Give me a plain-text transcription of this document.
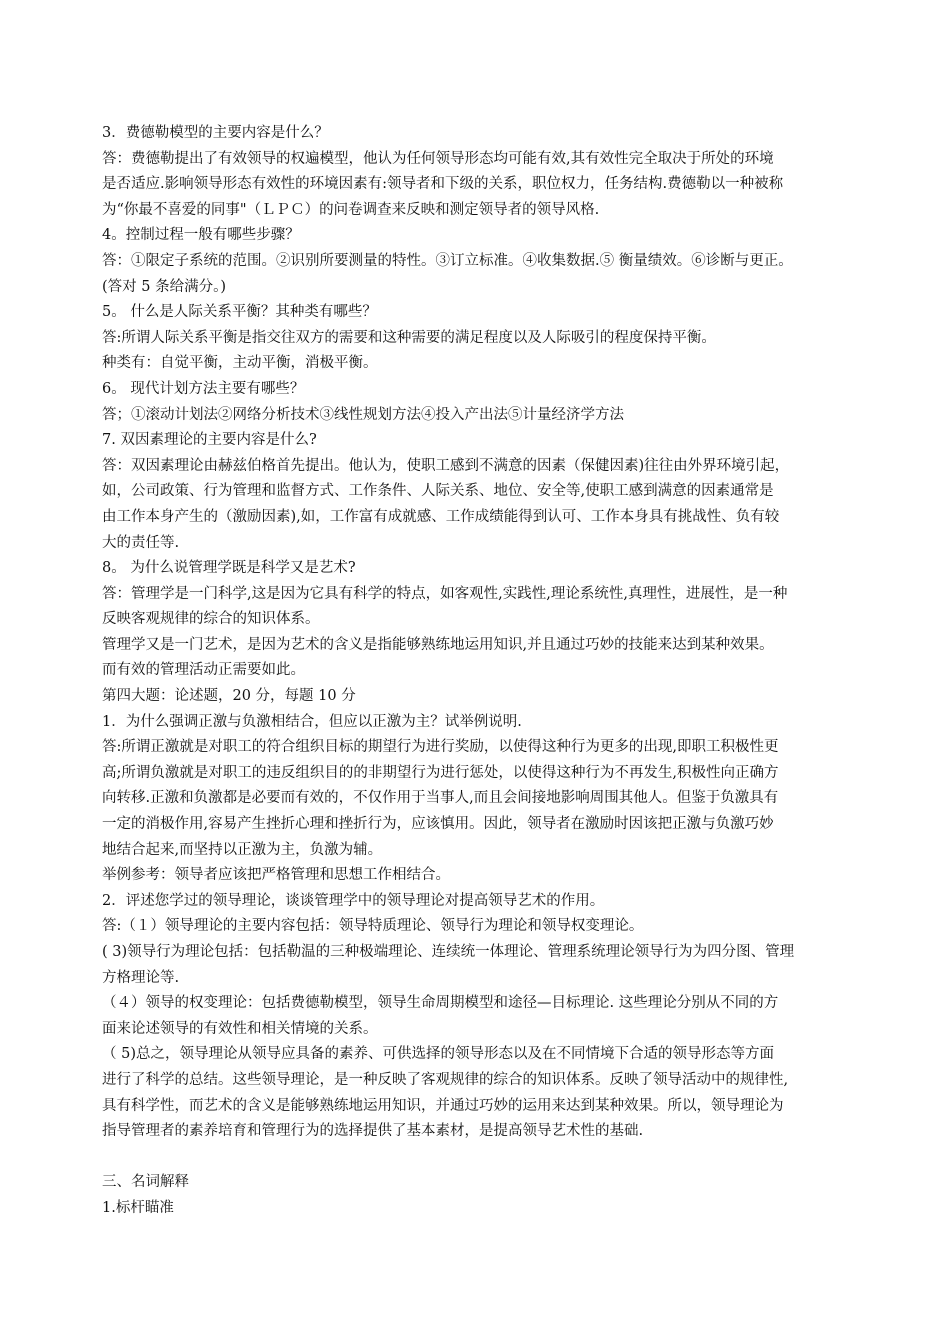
3．费德勒模型的主要内容是什么？
答：费德勒提出了有效领导的权遍模型，他认为任何领导形态均可能有效,其有效性完全取决于所处的环境
是否适应.影响领导形态有效性的环境因素有:领导者和下级的关系，职位权力，任务结构.费德勒以一种被称
为“你最不喜爱的同事"（ＬＰＣ）的问卷调查来反映和测定领导者的领导风格.
4。控制过程一般有哪些步骤？
答：①限定子系统的范围。②识别所要测量的特性。③订立标准。④收集数据.⑤ 衡量绩效。⑥诊断与更正。
(答对 5 条给满分。)
5。 什么是人际关系平衡？其种类有哪些？
答:所谓人际关系平衡是指交往双方的需要和这种需要的满足程度以及人际吸引的程度保持平衡。
种类有：自觉平衡，主动平衡，消极平衡。
6。 现代计划方法主要有哪些？
答；①滚动计划法②网络分析技术③线性规划方法④投入产出法⑤计量经济学方法
7. 双因素理论的主要内容是什么?
答：双因素理论由赫兹伯格首先提出。他认为，使职工感到不满意的因素（保健因素)往往由外界环境引起，
如，公司政策、行为管理和监督方式、工作条件、人际关系、地位、安全等,使职工感到满意的因素通常是
由工作本身产生的（激励因素),如，工作富有成就感、工作成绩能得到认可、工作本身具有挑战性、负有较
大的责任等.
8。 为什么说管理学既是科学又是艺术?
答：管理学是一门科学,这是因为它具有科学的特点，如客观性,实践性,理论系统性,真理性，进展性，是一种
反映客观规律的综合的知识体系。
管理学又是一门艺术，是因为艺术的含义是指能够熟练地运用知识,并且通过巧妙的技能来达到某种效果。
而有效的管理活动正需要如此。
第四大题：论述题，20 分，每题 10 分
1．为什么强调正激与负激相结合，但应以正激为主？试举例说明.
答:所谓正激就是对职工的符合组织目标的期望行为进行奖励，以使得这种行为更多的出现,即职工积极性更
高;所谓负激就是对职工的违反组织目的的非期望行为进行惩处，以使得这种行为不再发生,积极性向正确方
向转移.正激和负激都是必要而有效的，不仅作用于当事人,而且会间接地影响周围其他人。但鉴于负激具有
一定的消极作用,容易产生挫折心理和挫折行为，应该慎用。因此，领导者在激励时因该把正激与负激巧妙
地结合起来,而坚持以正激为主，负激为辅。
举例参考：领导者应该把严格管理和思想工作相结合。
2．评述您学过的领导理论，谈谈管理学中的领导理论对提高领导艺术的作用。
答:（１）领导理论的主要内容包括：领导特质理论、领导行为理论和领导权变理论。
( 3)领导行为理论包括：包括勒温的三种极端理论、连续统一体理论、管理系统理论领导行为为四分图、管理
方格理论等.
（４）领导的权变理论：包括费德勒模型，领导生命周期模型和途径—目标理论. 这些理论分别从不同的方
面来论述领导的有效性和相关情境的关系。
（ 5)总之，领导理论从领导应具备的素养、可供选择的领导形态以及在不同情境下合适的领导形态等方面
进行了科学的总结。这些领导理论，是一种反映了客观规律的综合的知识体系。反映了领导活动中的规律性,
具有科学性，而艺术的含义是能够熟练地运用知识，并通过巧妙的运用来达到某种效果。所以，领导理论为
指导管理者的素养培育和管理行为的选择提供了基本素材，是提高领导艺术性的基础.
三、名词解释
1.标杆瞄准
